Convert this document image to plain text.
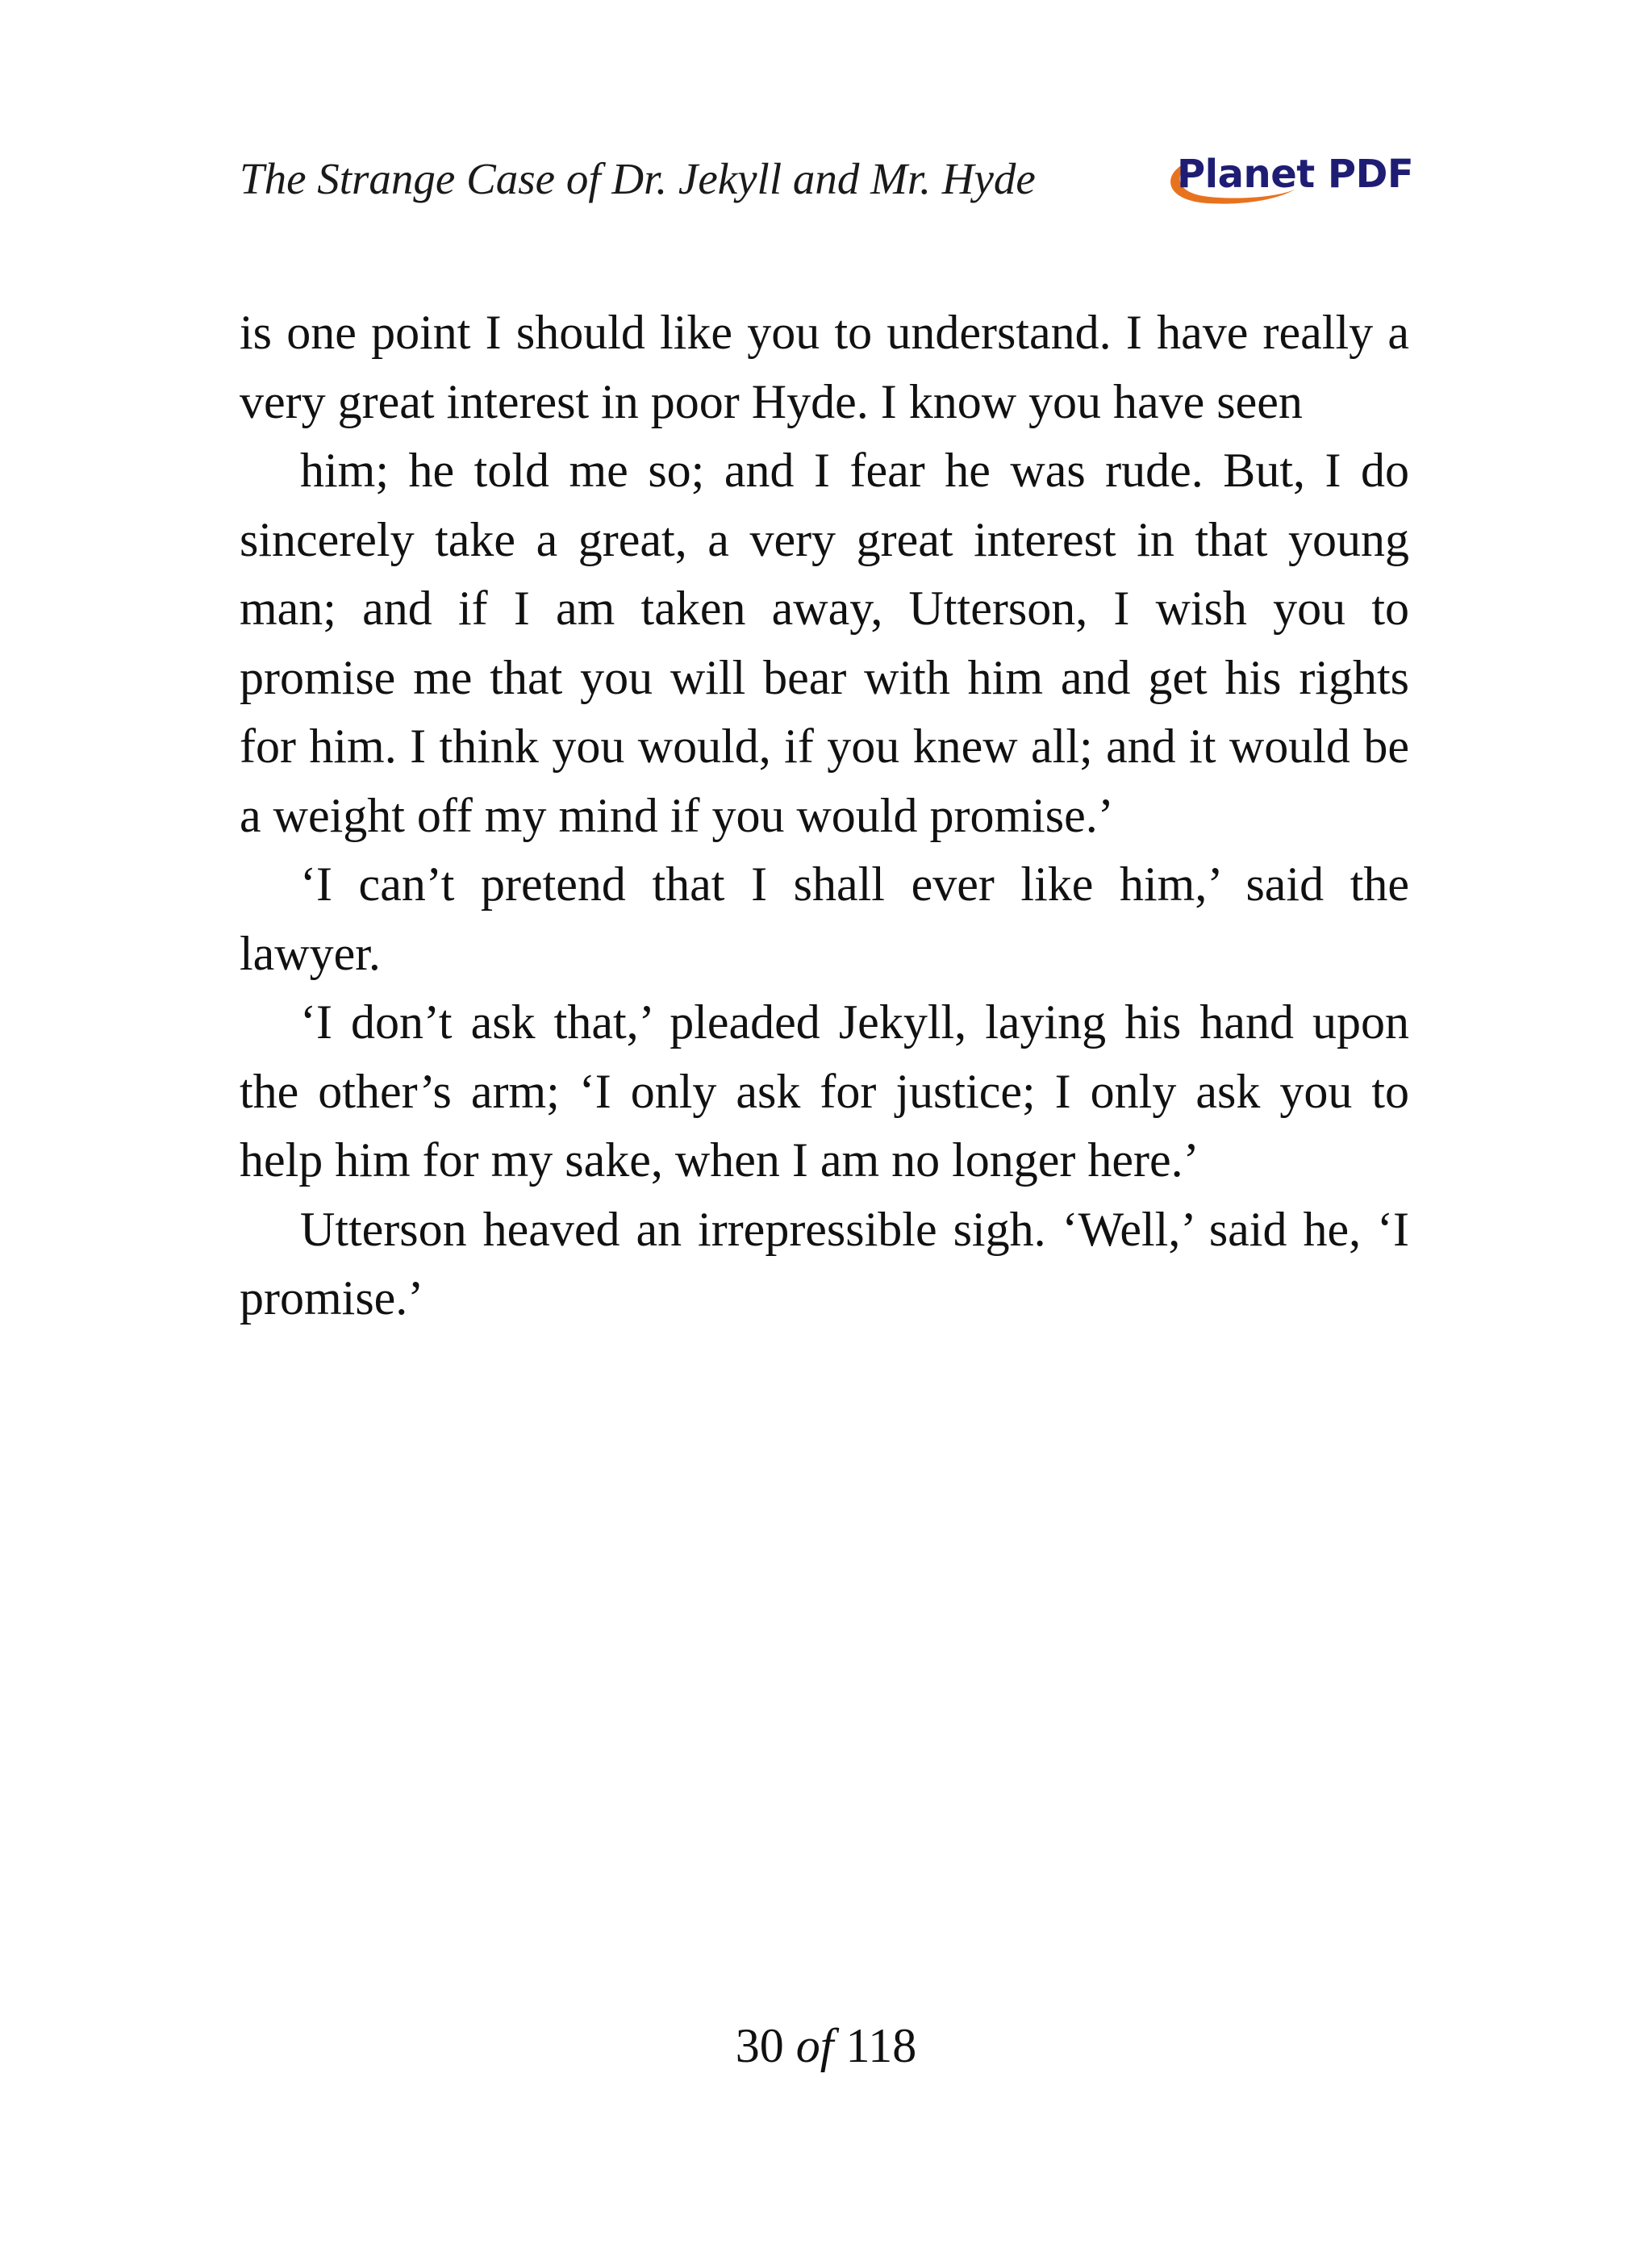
The Strange Case of Dr. Jekyll and Mr. Hyde	Planet PDF

is one point I should like you to understand. I have really a very great interest in poor Hyde. I know you have seen

him; he told me so; and I fear he was rude. But, I do sincerely take a great, a very great interest in that young man; and if I am taken away, Utterson, I wish you to promise me that you will bear with him and get his rights for him. I think you would, if you knew all; and it would be a weight off my mind if you would promise.’

‘I can’t pretend that I shall ever like him,’ said the lawyer.

‘I don’t ask that,’ pleaded Jekyll, laying his hand upon the other’s arm; ‘I only ask for justice; I only ask you to help him for my sake, when I am no longer here.’

Utterson heaved an irrepressible sigh. ‘Well,’ said he, ‘I promise.’

30 of 118
